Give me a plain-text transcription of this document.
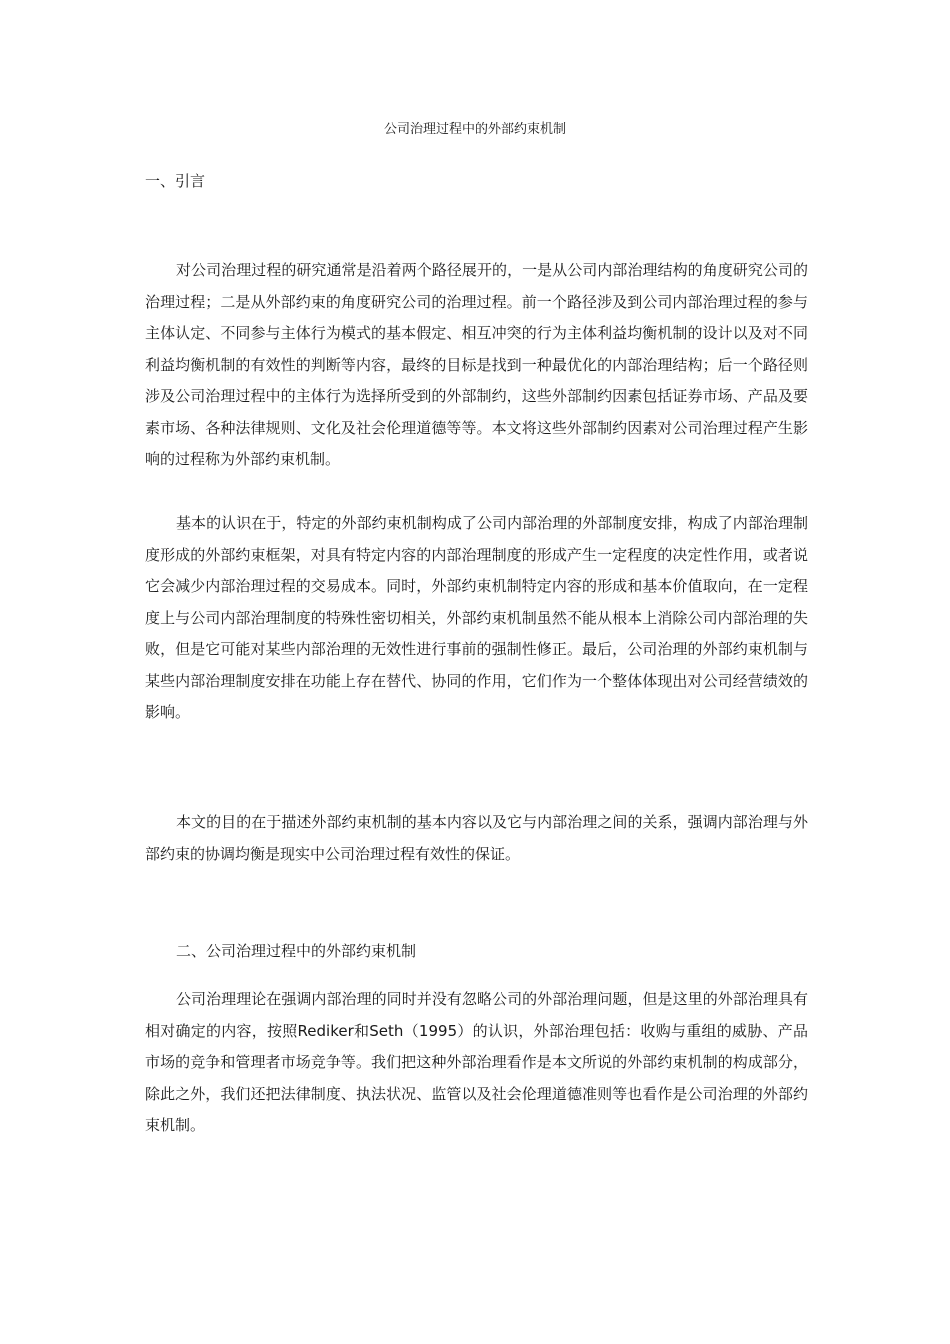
公司治理过程中的外部约束机制
一、引言

对公司治理过程的研究通常是沿着两个路径展开的，一是从公司内部治理结构的角度研究公司的治理过程；二是从外部约束的角度研究公司的治理过程。前一个路径涉及到公司内部治理过程的参与主体认定、不同参与主体行为模式的基本假定、相互冲突的行为主体利益均衡机制的设计以及对不同利益均衡机制的有效性的判断等内容，最终的目标是找到一种最优化的内部治理结构；后一个路径则涉及公司治理过程中的主体行为选择所受到的外部制约，这些外部制约因素包括证券市场、产品及要素市场、各种法律规则、文化及社会伦理道德等等。本文将这些外部制约因素对公司治理过程产生影响的过程称为外部约束机制。

基本的认识在于，特定的外部约束机制构成了公司内部治理的外部制度安排，构成了内部治理制度形成的外部约束框架，对具有特定内容的内部治理制度的形成产生一定程度的决定性作用，或者说它会减少内部治理过程的交易成本。同时，外部约束机制特定内容的形成和基本价值取向，在一定程度上与公司内部治理制度的特殊性密切相关，外部约束机制虽然不能从根本上消除公司内部治理的失败，但是它可能对某些内部治理的无效性进行事前的强制性修正。最后，公司治理的外部约束机制与某些内部治理制度安排在功能上存在替代、协同的作用，它们作为一个整体体现出对公司经营绩效的影响。

本文的目的在于描述外部约束机制的基本内容以及它与内部治理之间的关系，强调内部治理与外部约束的协调均衡是现实中公司治理过程有效性的保证。

二、公司治理过程中的外部约束机制

公司治理理论在强调内部治理的同时并没有忽略公司的外部治理问题，但是这里的外部治理具有相对确定的内容，按照Rediker和Seth（1995）的认识，外部治理包括：收购与重组的威胁、产品市场的竞争和管理者市场竞争等。我们把这种外部治理看作是本文所说的外部约束机制的构成部分，除此之外，我们还把法律制度、执法状况、监管以及社会伦理道德准则等也看作是公司治理的外部约束机制。
